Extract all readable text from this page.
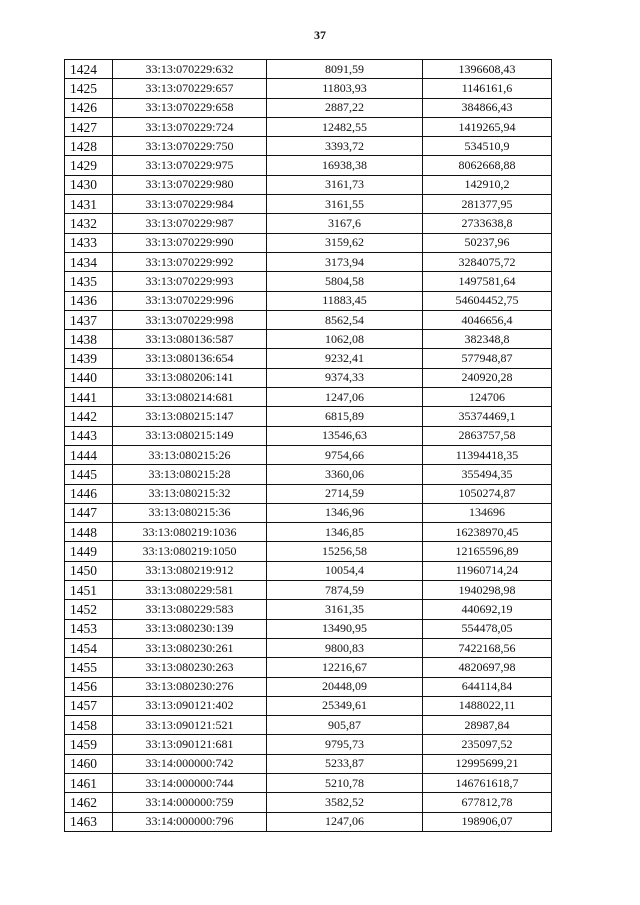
37
1424	33:13:070229:632	8091,59	1396608,43
1425	33:13:070229:657	11803,93	1146161,6
1426	33:13:070229:658	2887,22	384866,43
1427	33:13:070229:724	12482,55	1419265,94
1428	33:13:070229:750	3393,72	534510,9
1429	33:13:070229:975	16938,38	8062668,88
1430	33:13:070229:980	3161,73	142910,2
1431	33:13:070229:984	3161,55	281377,95
1432	33:13:070229:987	3167,6	2733638,8
1433	33:13:070229:990	3159,62	50237,96
1434	33:13:070229:992	3173,94	3284075,72
1435	33:13:070229:993	5804,58	1497581,64
1436	33:13:070229:996	11883,45	54604452,75
1437	33:13:070229:998	8562,54	4046656,4
1438	33:13:080136:587	1062,08	382348,8
1439	33:13:080136:654	9232,41	577948,87
1440	33:13:080206:141	9374,33	240920,28
1441	33:13:080214:681	1247,06	124706
1442	33:13:080215:147	6815,89	35374469,1
1443	33:13:080215:149	13546,63	2863757,58
1444	33:13:080215:26	9754,66	11394418,35
1445	33:13:080215:28	3360,06	355494,35
1446	33:13:080215:32	2714,59	1050274,87
1447	33:13:080215:36	1346,96	134696
1448	33:13:080219:1036	1346,85	16238970,45
1449	33:13:080219:1050	15256,58	12165596,89
1450	33:13:080219:912	10054,4	11960714,24
1451	33:13:080229:581	7874,59	1940298,98
1452	33:13:080229:583	3161,35	440692,19
1453	33:13:080230:139	13490,95	554478,05
1454	33:13:080230:261	9800,83	7422168,56
1455	33:13:080230:263	12216,67	4820697,98
1456	33:13:080230:276	20448,09	644114,84
1457	33:13:090121:402	25349,61	1488022,11
1458	33:13:090121:521	905,87	28987,84
1459	33:13:090121:681	9795,73	235097,52
1460	33:14:000000:742	5233,87	12995699,21
1461	33:14:000000:744	5210,78	146761618,7
1462	33:14:000000:759	3582,52	677812,78
1463	33:14:000000:796	1247,06	198906,07
